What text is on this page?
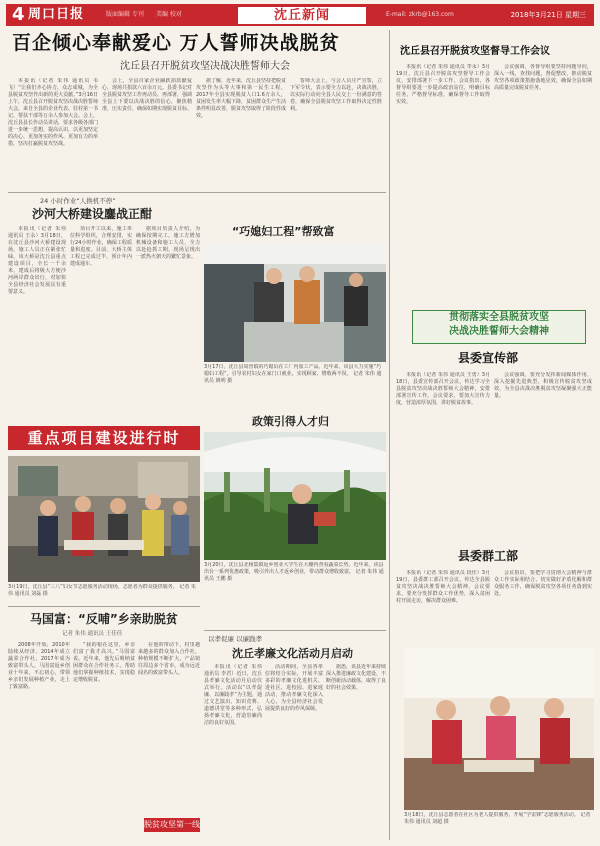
4 周口日报	版面编辑 专刊 美编 校对	沈丘新闻	E-mail: zkrb@163.com	2018年3月21日 星期三
百企倾心奉献爱心 万人誓师决战脱贫
沈丘县召开脱贫攻坚决战决胜誓师大会

本报讯（记者 朱伟 通讯员 韦飞）“让我们齐心协力，众志成城，为全县脱贫攻坚作出新的更大贡献。”3月16日上午，沈丘县召开脱贫攻坚决战决胜誓师大会，来自全县的企业代表、驻村第一书记、帮扶干部等万余人参加大会。会上，沈丘县县长作动员讲话，要求各级各部门进一步统一思想，提高认识，以更加坚定的决心、更加务实的作风、更加有力的举措，坚决打赢脱贫攻坚战。

会上，全县百家企业踊跃捐款献爱心，现场共捐款六百余万元。县委书记对全县脱贫攻坚工作再动员、再部署，强调全县上下要以决战决胜的信心，聚焦精准，压实责任，确保如期实现脱贫目标。

据了解，近年来，沈丘县坚持把脱贫攻坚作为头等大事和第一民生工程，2017年全县实现脱贫人口1.6万余人，贫困发生率大幅下降，贫困群众生产生活条件明显改善，脱贫攻坚取得了阶段性成效。

誓师大会上，与会人员庄严宣誓，立下军令状，表示要全力以赴，决战决胜，以实际行动向全县人民交上一份满意的答卷，确保全县脱贫攻坚工作取得决定性胜利。

24 小时作业“人换机不停”
沙河大桥建设鏖战正酣

本报讯（记者 朱伟 通讯员 王永）3月18日，在沈丘县沙河大桥建设现场，施工人员正在紧张忙碌。该大桥是沈丘县重点建设项目，全长一千余米，建成后将极大方便沙河两岸群众出行，对加快全县经济社会发展具有重要意义。

项目开工以来，施工单位科学组织，合理安排，实行24小时作业，确保工程质量和进度。目前，大桥主体工程已完成过半，预计年内建成通车。

据项目负责人介绍，为确保按期完工，施工方增加机械设备和施工人员，全力以赴抢抓工期，现场呈现出一派热火朝天的繁忙景象。

重点项目建设进行时
3月19日，沈丘县“三八”妇女节志愿服务活动现场，志愿者为群众提供服务。 记者 朱伟 通讯员 刘磊 摄
马国富：“反哺”乡亲助脱贫
记者 朱伟 通讯员 王佳佳

2008年开始，2010年陆续从经济、2014年成立蔬菜合作社，2017年成为致富带头人。马国富返乡创业十年来，不忘初心，带领乡亲们发展种植产业，走上了致富路。

“我的根在这里，乡亲们富了我才高兴。”马国富说。近年来，他先后吸纳贫困群众在合作社务工，帮助他们掌握种植技术，实现稳定增收脱贫。

在他的带动下，村里越来越多的群众加入合作社，种植规模不断扩大，产品销往周边多个省市，成为远近闻名的致富带头人。

脱贫攻坚第一线
“巧媳妇工程”帮致富
3月17日，沈丘县周营镇的巧媳妇在工厂内加工产品。近年来，该县大力实施“巧媳妇工程”，引导农村妇女在家门口就业，实现顾家、增收两不误。 记者 朱伟 通讯员 姚明 摄
政策引得人才归
3月20日，沈丘县北杨集镇返乡创业大学生在大棚内查看蔬菜长势。近年来，该县出台一系列优惠政策，吸引外出人才返乡创业，带动群众增收致富。 记者 朱伟 通讯员 王鹏 摄
以孝促廉 以廉践孝
沈丘孝廉文化活动月启动

本报讯（记者 朱伟 通讯员 李君）近日，沈丘县孝廉文化活动月启动仪式举行。活动以“以孝促廉、以廉践孝”为主题，通过文艺演出、知识竞赛、道德讲堂等多种形式，弘扬孝廉文化，营造崇廉尚洁的良好氛围。

活动期间，全县各单位将结合实际，开展丰富多彩的孝廉文化进机关、进社区、进校园、进家庭活动，推动孝廉文化深入人心，为全县经济社会发展提供良好的作风保障。

据悉，该县近年来持续深入推进廉政文化建设，不断创新活动载体，取得了良好的社会效果。

沈丘县召开脱贫攻坚督导工作会议

本报讯（记者 朱伟 通讯员 李永）3月19日，沈丘县召开脱贫攻坚督导工作会议，安排部署下一步工作。会议指出，各督导组要进一步提高政治站位，明确目标任务，严格督导标准，确保督导工作取得实效。

会议强调，各督导组要坚持问题导向，深入一线，查找问题，督促整改，推动脱贫攻坚各项政策措施落地见效，确保全县如期高质量完成脱贫任务。

贯彻落实全县脱贫攻坚
决战决胜誓师大会精神
县委宣传部

本报讯（记者 朱伟 通讯员 王勇）3月18日，县委宣传部召开会议，传达学习全县脱贫攻坚决战决胜誓师大会精神，安排部署宣传工作。会议要求，要加大宣传力度，营造浓厚氛围，讲好脱贫故事。

会议强调，要充分发挥新闻媒体作用，深入挖掘先进典型，积极宣传脱贫攻坚成效，为全县决战决胜脱贫攻坚凝聚强大正能量。

县委群工部

本报讯（记者 朱伟 通讯员 段佳）3月19日，县委群工部召开会议，传达全县脱贫攻坚决战决胜誓师大会精神。会议要求，要充分发挥群众工作优势，深入贫困村开展走访，解决群众困难。

会议指出，要把学习贯彻大会精神与群众工作实际相结合，切实做好矛盾化解和群众服务工作，确保脱贫攻坚各项任务落到实处。

3月18日，沈丘县志愿者在社区为老人提供服务，开展“学雷锋”志愿服务活动。 记者 朱伟 通讯员 刘超 摄
